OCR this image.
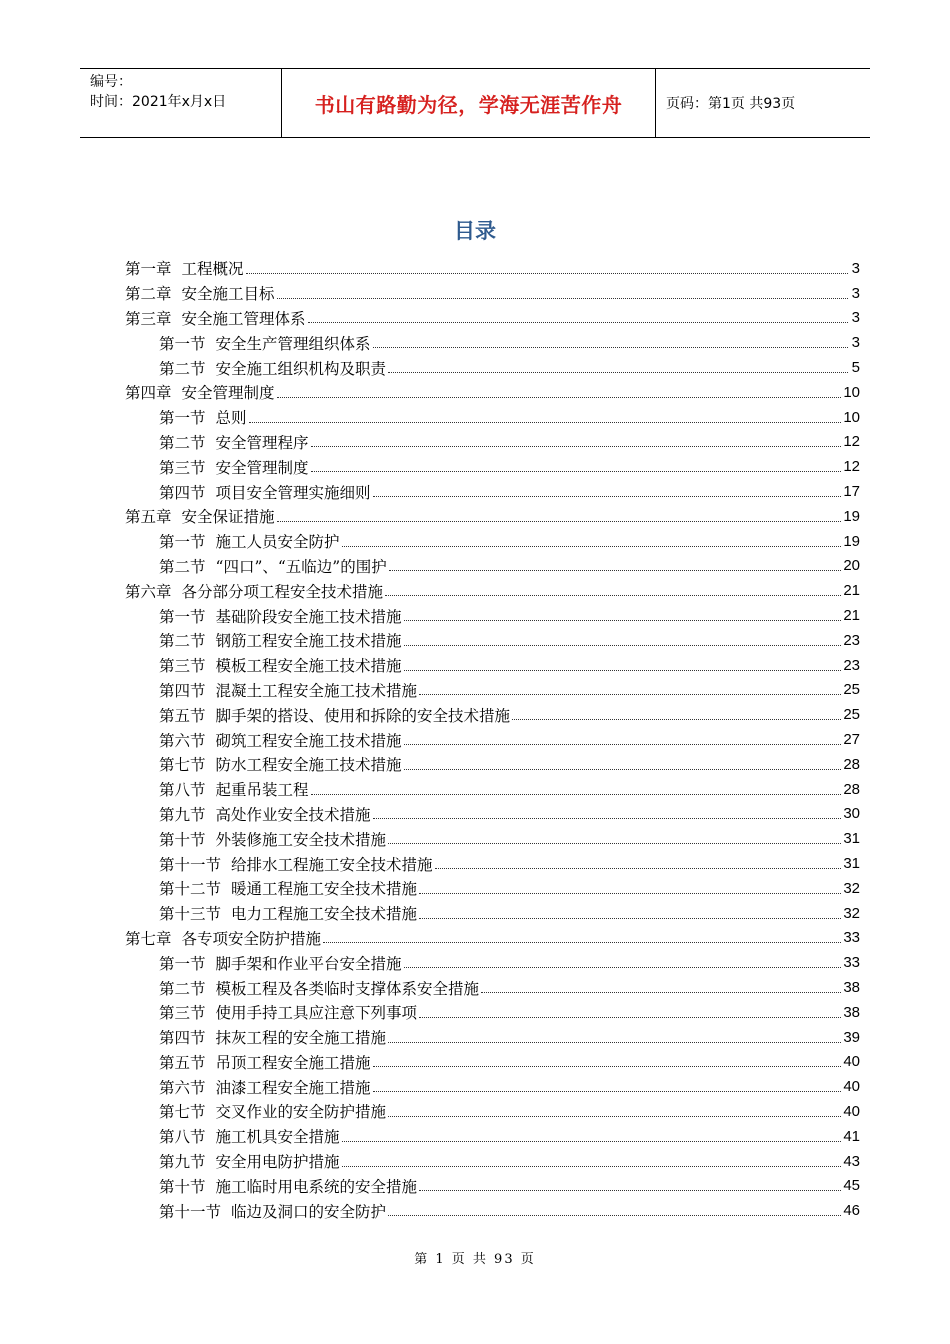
编号：
时间：2021年x月x日	书山有路勤为径，学海无涯苦作舟	页码：第1页 共93页
目录
第一章 工程概况	3
第二章 安全施工目标	3
第三章 安全施工管理体系	3
第一节 安全生产管理组织体系	3
第二节 安全施工组织机构及职责	5
第四章 安全管理制度	10
第一节 总则	10
第二节 安全管理程序	12
第三节 安全管理制度	12
第四节 项目安全管理实施细则	17
第五章 安全保证措施	19
第一节 施工人员安全防护	19
第二节 “四口”、“五临边”的围护	20
第六章 各分部分项工程安全技术措施	21
第一节 基础阶段安全施工技术措施	21
第二节 钢筋工程安全施工技术措施	23
第三节 模板工程安全施工技术措施	23
第四节 混凝土工程安全施工技术措施	25
第五节 脚手架的搭设、使用和拆除的安全技术措施	25
第六节 砌筑工程安全施工技术措施	27
第七节 防水工程安全施工技术措施	28
第八节 起重吊装工程	28
第九节 高处作业安全技术措施	30
第十节 外装修施工安全技术措施	31
第十一节 给排水工程施工安全技术措施	31
第十二节 暖通工程施工安全技术措施	32
第十三节 电力工程施工安全技术措施	32
第七章 各专项安全防护措施	33
第一节 脚手架和作业平台安全措施	33
第二节 模板工程及各类临时支撑体系安全措施	38
第三节 使用手持工具应注意下列事项	38
第四节 抹灰工程的安全施工措施	39
第五节 吊顶工程安全施工措施	40
第六节 油漆工程安全施工措施	40
第七节 交叉作业的安全防护措施	40
第八节 施工机具安全措施	41
第九节 安全用电防护措施	43
第十节 施工临时用电系统的安全措施	45
第十一节 临边及洞口的安全防护	46
第 1 页 共 93 页
